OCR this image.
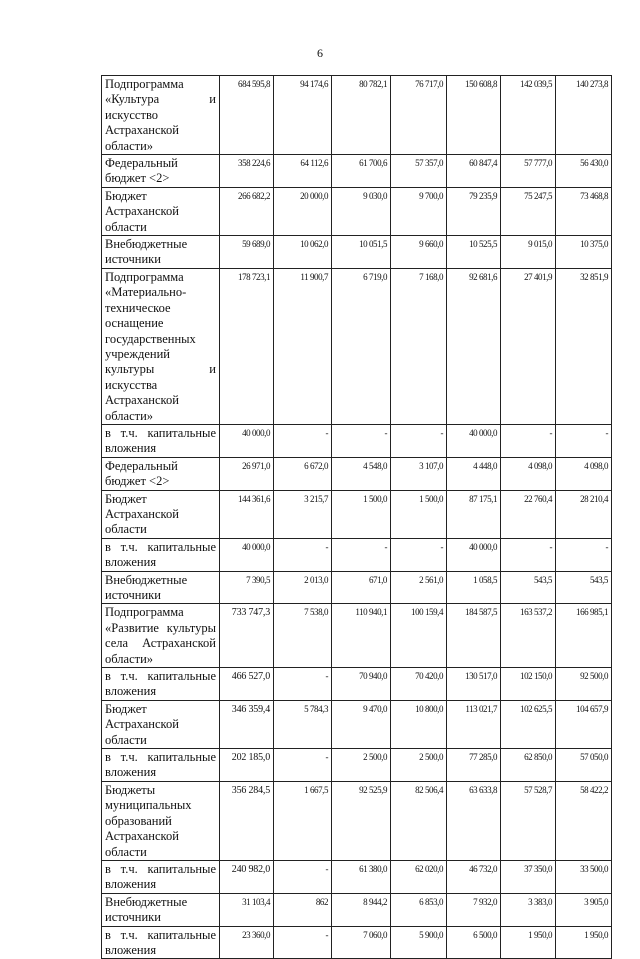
6
Подпрограмма «Культура и искусство Астраханской области»	684 595,8	94 174,6	80 782,1	76 717,0	150 608,8	142 039,5	140 273,8
Федеральный бюджет <2>	358 224,6	64 112,6	61 700,6	57 357,0	60 847,4	57 777,0	56 430,0
Бюджет Астраханской области	266 682,2	20 000,0	9 030,0	9 700,0	79 235,9	75 247,5	73 468,8
Внебюджетные источники	59 689,0	10 062,0	10 051,5	9 660,0	10 525,5	9 015,0	10 375,0
Подпрограмма «Материально-техническое оснащение государственных учреждений культуры и искусства Астраханской области»	178 723,1	11 900,7	6 719,0	7 168,0	92 681,6	27 401,9	32 851,9
в т.ч. капитальные вложения	40 000,0	-	-	-	40 000,0	-	-
Федеральный бюджет <2>	26 971,0	6 672,0	4 548,0	3 107,0	4 448,0	4 098,0	4 098,0
Бюджет Астраханской области	144 361,6	3 215,7	1 500,0	1 500,0	87 175,1	22 760,4	28 210,4
в т.ч. капитальные вложения	40 000,0	-	-	-	40 000,0	-	-
Внебюджетные источники	7 390,5	2 013,0	671,0	2 561,0	1 058,5	543,5	543,5
Подпрограмма «Развитие культуры села Астраханской области»	733 747,3	7 538,0	110 940,1	100 159,4	184 587,5	163 537,2	166 985,1
в т.ч. капитальные вложения	466 527,0	-	70 940,0	70 420,0	130 517,0	102 150,0	92 500,0
Бюджет Астраханской области	346 359,4	5 784,3	9 470,0	10 800,0	113 021,7	102 625,5	104 657,9
в т.ч. капитальные вложения	202 185,0	-	2 500,0	2 500,0	77 285,0	62 850,0	57 050,0
Бюджеты муниципальных образований Астраханской области	356 284,5	1 667,5	92 525,9	82 506,4	63 633,8	57 528,7	58 422,2
в т.ч. капитальные вложения	240 982,0	-	61 380,0	62 020,0	46 732,0	37 350,0	33 500,0
Внебюджетные источники	31 103,4	862	8 944,2	6 853,0	7 932,0	3 383,0	3 905,0
в т.ч. капитальные вложения	23 360,0	-	7 060,0	5 900,0	6 500,0	1 950,0	1 950,0
